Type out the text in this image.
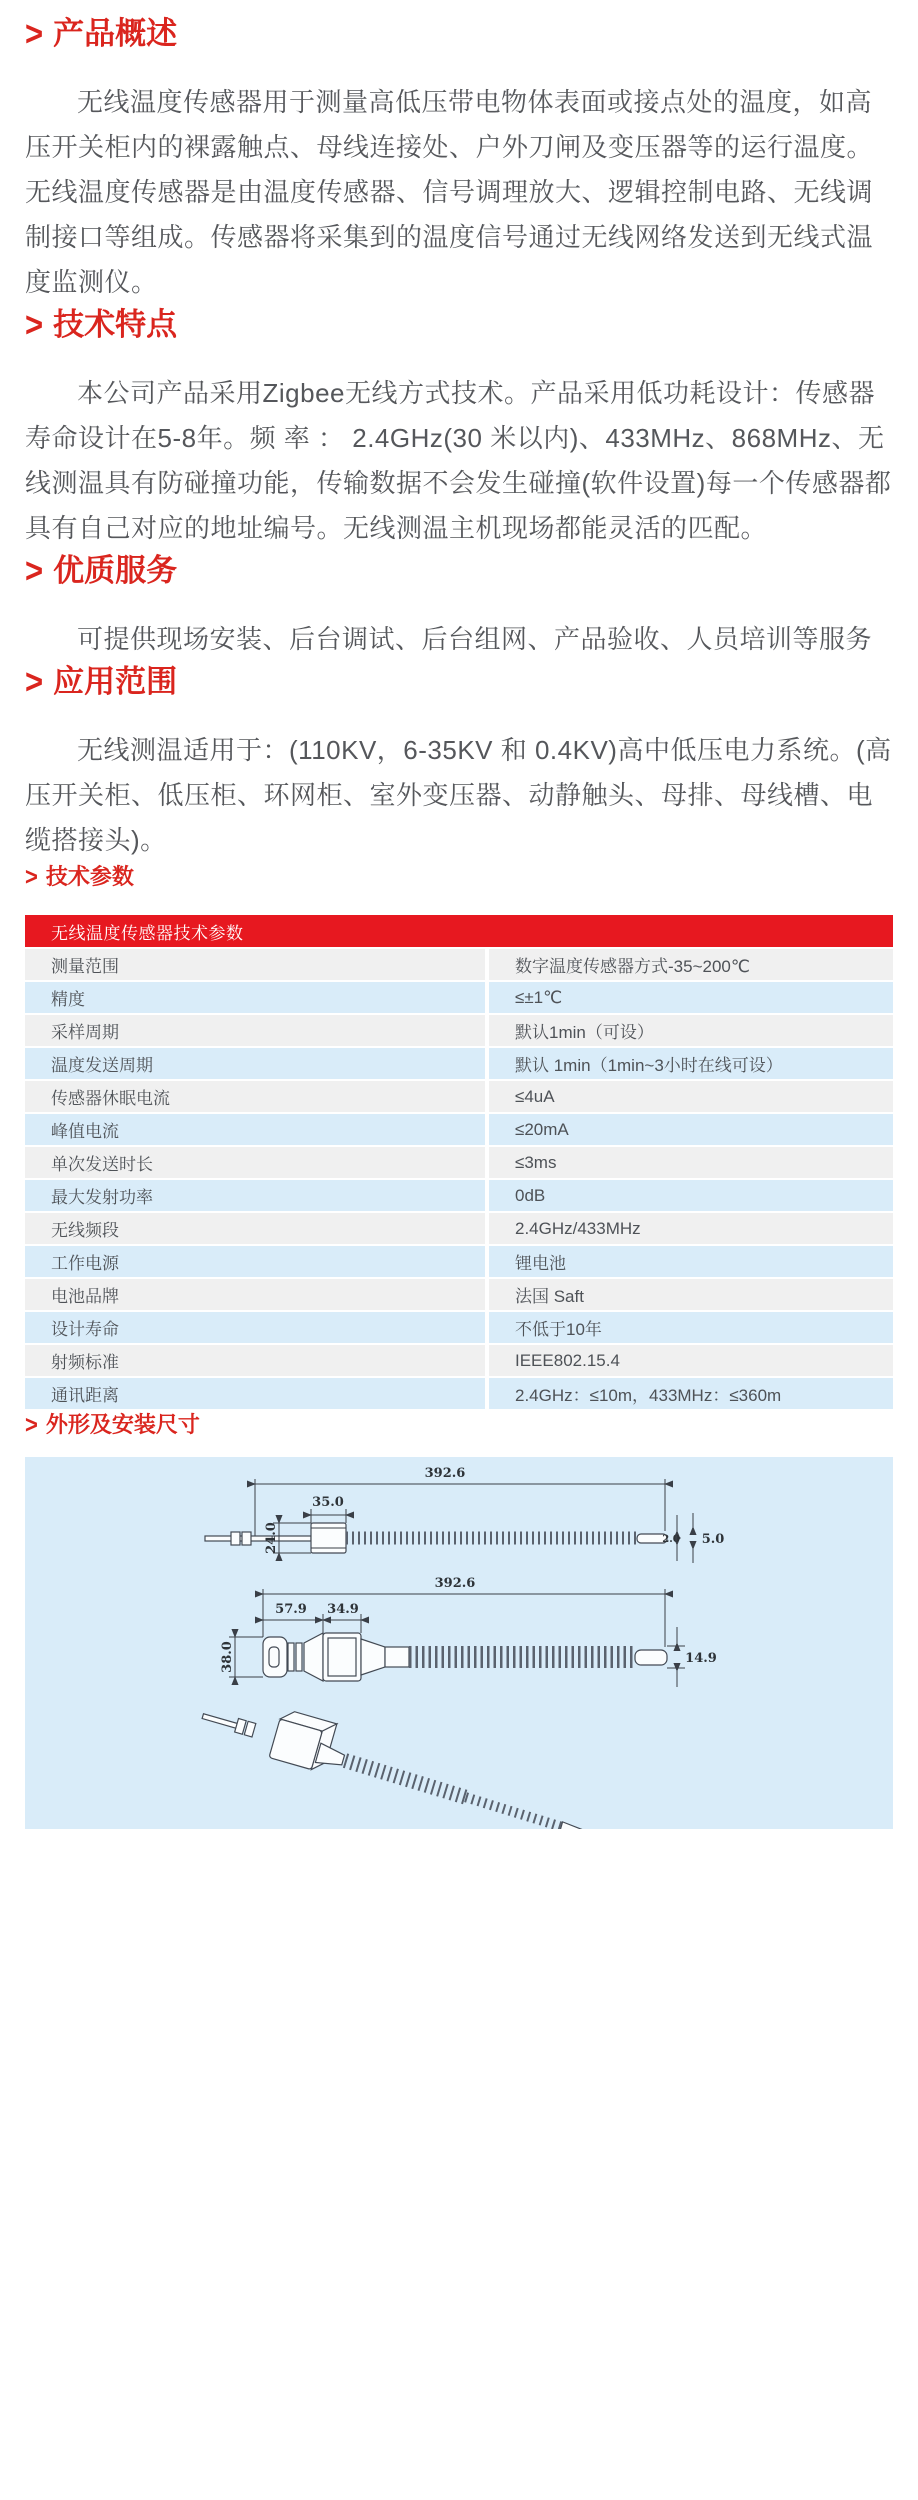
> 产品概述

无线温度传感器用于测量高低压带电物体表面或接点处的温度，如高压开关柜内的裸露触点、母线连接处、户外刀闸及变压器等的运行温度。无线温度传感器是由温度传感器、信号调理放大、逻辑控制电路、无线调制接口等组成。传感器将采集到的温度信号通过无线网络发送到无线式温度监测仪。

> 技术特点

本公司产品采用Zigbee无线方式技术。产品采用低功耗设计：传感器寿命设计在5-8年。频 率 ： 2.4GHz(30 米以内)、433MHz、868MHz、无线测温具有防碰撞功能，传输数据不会发生碰撞(软件设置)每一个传感器都具有自己对应的地址编号。无线测温主机现场都能灵活的匹配。

> 优质服务

可提供现场安装、后台调试、后台组网、产品验收、人员培训等服务

> 应用范围

无线测温适用于：(110KV，6-35KV 和 0.4KV)高中低压电力系统。(高压开关柜、低压柜、环网柜、室外变压器、动静触头、母排、母线槽、电缆搭接头)。

> 技术参数
无线温度传感器技术参数	
测量范围	数字温度传感器方式-35~200℃
精度	≤±1℃
采样周期	默认1min（可设）
温度发送周期	默认 1min（1min~3小时在线可设）
传感器休眠电流	≤4uA
峰值电流	≤20mA
单次发送时长	≤3ms
最大发射功率	0dB
无线频段	2.4GHz/433MHz
工作电源	锂电池
电池品牌	法国 Saft
设计寿命	不低于10年
射频标准	IEEE802.15.4
通讯距离	2.4GHz：≤10m，433MHz：≤360m
> 外形及安装尺寸
392.6
35.0
24.0	2.0 5.0
392.6
57.9 34.9
38.0	14.9
